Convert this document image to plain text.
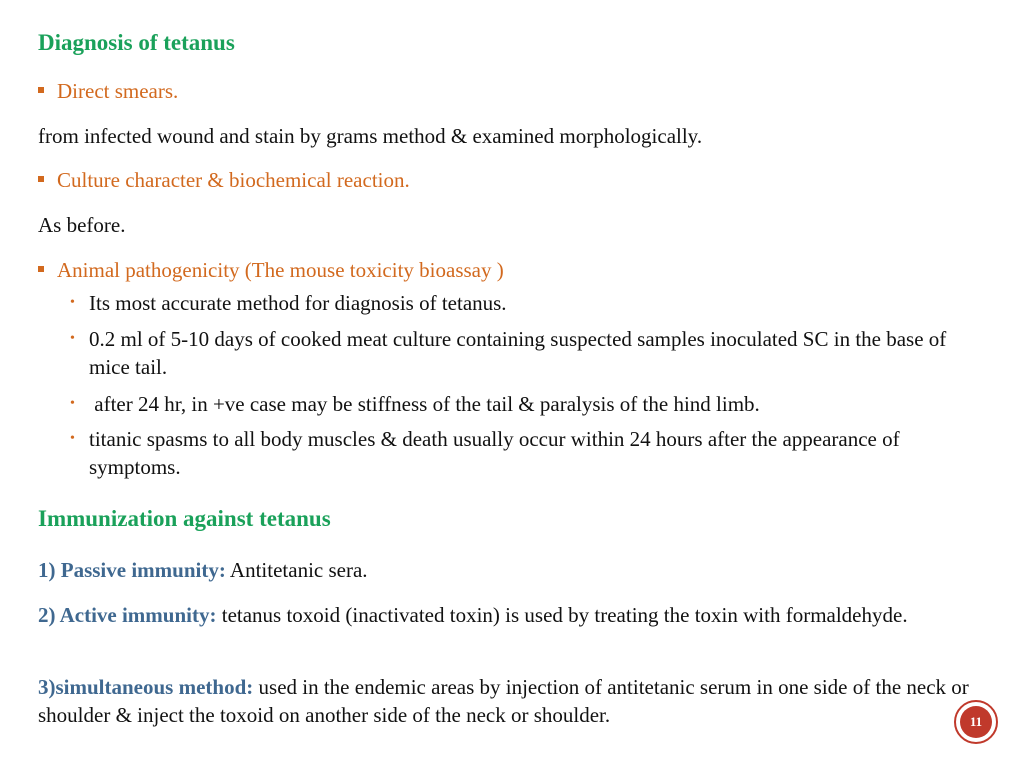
Diagnosis of tetanus
Direct smears.
from infected wound and stain by grams method & examined morphologically.
Culture character & biochemical reaction.
As before.
Animal pathogenicity (The mouse toxicity bioassay )
• Its most accurate method for diagnosis of tetanus.
• 0.2 ml of 5-10 days of cooked meat culture containing suspected samples inoculated SC in the base of mice tail.
• after 24 hr, in +ve case may be stiffness of the tail & paralysis of the hind limb.
• titanic spasms to all body muscles & death usually occur within 24 hours after the appearance of symptoms.
Immunization against tetanus
1) Passive immunity: Antitetanic sera.
2) Active immunity: tetanus toxoid (inactivated toxin) is used by treating the toxin with formaldehyde.
3)simultaneous method: used in the endemic areas by injection of antitetanic serum in one side of the neck or shoulder & inject the toxoid on another side of the neck or shoulder.	11
